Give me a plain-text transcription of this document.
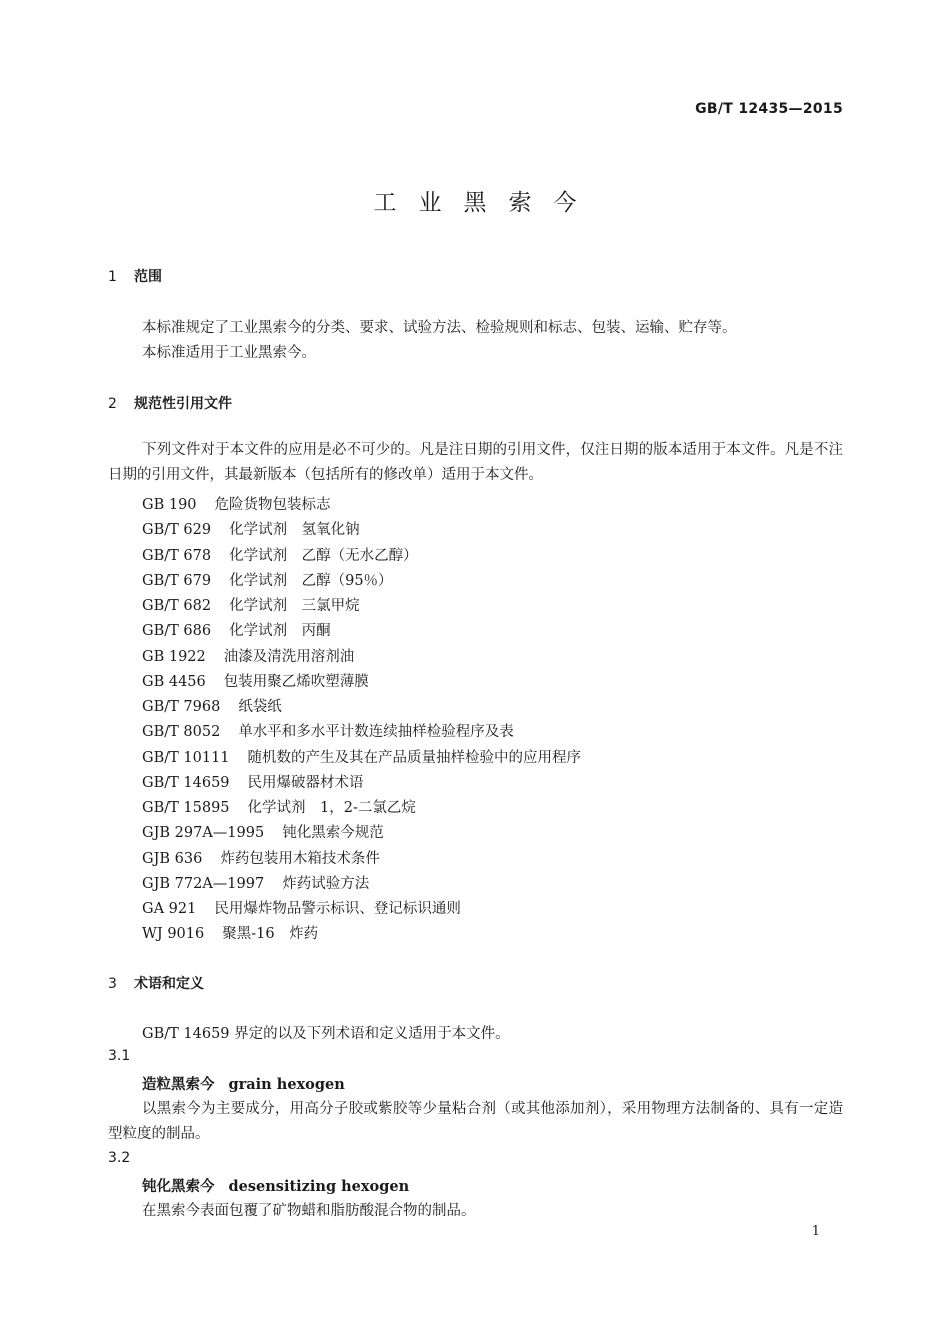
GB/T 12435—2015
工业黑索今
1 范围
本标准规定了工业黑索今的分类、要求、试验方法、检验规则和标志、包装、运输、贮存等。
本标准适用于工业黑索今。
2 规范性引用文件
下列文件对于本文件的应用是必不可少的。凡是注日期的引用文件，仅注日期的版本适用于本文件。凡是不注日期的引用文件，其最新版本（包括所有的修改单）适用于本文件。
GB 190 危险货物包装标志
GB/T 629 化学试剂　氢氧化钠
GB/T 678 化学试剂　乙醇（无水乙醇）
GB/T 679 化学试剂　乙醇（95％）
GB/T 682 化学试剂　三氯甲烷
GB/T 686 化学试剂　丙酮
GB 1922 油漆及清洗用溶剂油
GB 4456 包装用聚乙烯吹塑薄膜
GB/T 7968 纸袋纸
GB/T 8052 单水平和多水平计数连续抽样检验程序及表
GB/T 10111 随机数的产生及其在产品质量抽样检验中的应用程序
GB/T 14659 民用爆破器材术语
GB/T 15895 化学试剂　1，2-二氯乙烷
GJB 297A—1995 钝化黑索今规范
GJB 636 炸药包装用木箱技术条件
GJB 772A—1997 炸药试验方法
GA 921 民用爆炸物品警示标识、登记标识通则
WJ 9016 聚黑-16　炸药
3 术语和定义
GB/T 14659 界定的以及下列术语和定义适用于本文件。
3.1
造粒黑索今 grain hexogen
以黑索今为主要成分，用高分子胶或紫胶等少量粘合剂（或其他添加剂），采用物理方法制备的、具有一定造型粒度的制品。
3.2
钝化黑索今 desensitizing hexogen
在黑索今表面包覆了矿物蜡和脂肪酸混合物的制品。
1
